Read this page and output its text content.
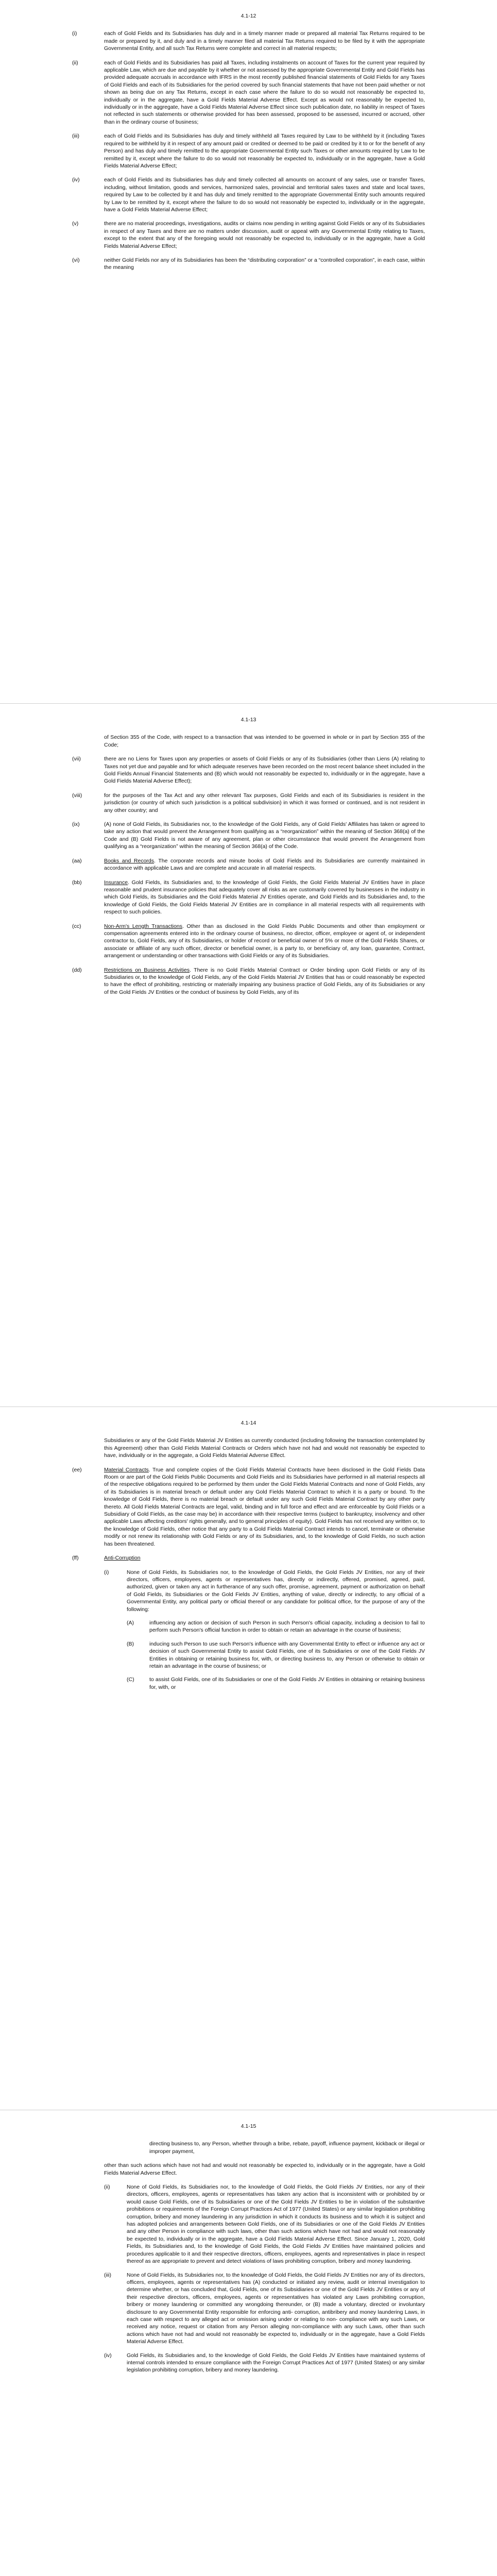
4.1-12
(i)	each of Gold Fields and its Subsidiaries has duly and in a timely manner made or prepared all material Tax Returns required to be made or prepared by it, and duly and in a timely manner filed all material Tax Returns required to be filed by it with the appropriate Governmental Entity, and all such Tax Returns were complete and correct in all material respects;
(ii)	each of Gold Fields and its Subsidiaries has paid all Taxes, including instalments on account of Taxes for the current year required by applicable Law, which are due and payable by it whether or not assessed by the appropriate Governmental Entity and Gold Fields has provided adequate accruals in accordance with IFRS in the most recently published financial statements of Gold Fields for any Taxes of Gold Fields and each of its Subsidiaries for the period covered by such financial statements that have not been paid whether or not shown as being due on any Tax Returns, except in each case where the failure to do so would not reasonably be expected to, individually or in the aggregate, have a Gold Fields Material Adverse Effect. Except as would not reasonably be expected to, individually or in the aggregate, have a Gold Fields Material Adverse Effect since such publication date, no liability in respect of Taxes not reflected in such statements or otherwise provided for has been assessed, proposed to be assessed, incurred or accrued, other than in the ordinary course of business;
(iii)	each of Gold Fields and its Subsidiaries has duly and timely withheld all Taxes required by Law to be withheld by it (including Taxes required to be withheld by it in respect of any amount paid or credited or deemed to be paid or credited by it to or for the benefit of any Person) and has duly and timely remitted to the appropriate Governmental Entity such Taxes or other amounts required by Law to be remitted by it, except where the failure to do so would not reasonably be expected to, individually or in the aggregate, have a Gold Fields Material Adverse Effect;
(iv)	each of Gold Fields and its Subsidiaries has duly and timely collected all amounts on account of any sales, use or transfer Taxes, including, without limitation, goods and services, harmonized sales, provincial and territorial sales taxes and state and local taxes, required by Law to be collected by it and has duly and timely remitted to the appropriate Governmental Entity such amounts required by Law to be remitted by it, except where the failure to do so would not reasonably be expected to, individually or in the aggregate, have a Gold Fields Material Adverse Effect;
(v)	there are no material proceedings, investigations, audits or claims now pending in writing against Gold Fields or any of its Subsidiaries in respect of any Taxes and there are no matters under discussion, audit or appeal with any Governmental Entity relating to Taxes, except to the extent that any of the foregoing would not reasonably be expected to, individually or in the aggregate, have a Gold Fields Material Adverse Effect;
(vi)	neither Gold Fields nor any of its Subsidiaries has been the “distributing corporation” or a “controlled corporation”, in each case, within the meaning
4.1-13
of Section 355 of the Code, with respect to a transaction that was intended to be governed in whole or in part by Section 355 of the Code;
(vii)	there are no Liens for Taxes upon any properties or assets of Gold Fields or any of its Subsidiaries (other than Liens (A) relating to Taxes not yet due and payable and for which adequate reserves have been recorded on the most recent balance sheet included in the Gold Fields Annual Financial Statements and (B) which would not reasonably be expected to, individually or in the aggregate, have a Gold Fields Material Adverse Effect);
(viii)	for the purposes of the Tax Act and any other relevant Tax purposes, Gold Fields and each of its Subsidiaries is resident in the jurisdiction (or country of which such jurisdiction is a political subdivision) in which it was formed or continued, and is not resident in any other country; and
(ix)	(A) none of Gold Fields, its Subsidiaries nor, to the knowledge of the Gold Fields, any of Gold Fields' Affiliates has taken or agreed to take any action that would prevent the Arrangement from qualifying as a “reorganization” within the meaning of Section 368(a) of the Code and (B) Gold Fields is not aware of any agreement, plan or other circumstance that would prevent the Arrangement from qualifying as a “reorganization” within the meaning of Section 368(a) of the Code.
(aa)	Books and Records. The corporate records and minute books of Gold Fields and its Subsidiaries are currently maintained in accordance with applicable Laws and are complete and accurate in all material respects.
(bb)	Insurance. Gold Fields, its Subsidiaries and, to the knowledge of Gold Fields, the Gold Fields Material JV Entities have in place reasonable and prudent insurance policies that adequately cover all risks as are customarily covered by businesses in the industry in which Gold Fields, its Subsidiaries and the Gold Fields Material JV Entities operate, and Gold Fields and its Subsidiaries and, to the knowledge of Gold Fields, the Gold Fields Material JV Entities are in compliance in all material respects with all requirements with respect to such policies.
(cc)	Non-Arm's Length Transactions. Other than as disclosed in the Gold Fields Public Documents and other than employment or compensation agreements entered into in the ordinary course of business, no director, officer, employee or agent of, or independent contractor to, Gold Fields, any of its Subsidiaries, or holder of record or beneficial owner of 5% or more of the Gold Fields Shares, or associate or affiliate of any such officer, director or beneficial owner, is a party to, or beneficiary of, any loan, guarantee, Contract, arrangement or understanding or other transactions with Gold Fields or any of its Subsidiaries.
(dd)	Restrictions on Business Activities. There is no Gold Fields Material Contract or Order binding upon Gold Fields or any of its Subsidiaries or, to the knowledge of Gold Fields, any of the Gold Fields Material JV Entities that has or could reasonably be expected to have the effect of prohibiting, restricting or materially impairing any business practice of Gold Fields, any of its Subsidiaries or any of the Gold Fields JV Entities or the conduct of business by Gold Fields, any of its
4.1-14
Subsidiaries or any of the Gold Fields Material JV Entities as currently conducted (including following the transaction contemplated by this Agreement) other than Gold Fields Material Contracts or Orders which have not had and would not reasonably be expected to have, individually or in the aggregate, a Gold Fields Material Adverse Effect.
(ee)	Material Contracts. True and complete copies of the Gold Fields Material Contracts have been disclosed in the Gold Fields Data Room or are part of the Gold Fields Public Documents and Gold Fields and its Subsidiaries have performed in all material respects all of the respective obligations required to be performed by them under the Gold Fields Material Contracts and none of Gold Fields, any of its Subsidiaries is in material breach or default under any Gold Fields Material Contract to which it is a party or bound. To the knowledge of Gold Fields, there is no material breach or default under any such Gold Fields Material Contract by any other party thereto. All Gold Fields Material Contracts are legal, valid, binding and in full force and effect and are enforceable by Gold Fields or a Subsidiary of Gold Fields, as the case may be) in accordance with their respective terms (subject to bankruptcy, insolvency and other applicable Laws affecting creditors' rights generally, and to general principles of equity). Gold Fields has not received any written or, to the knowledge of Gold Fields, other notice that any party to a Gold Fields Material Contract intends to cancel, terminate or otherwise modify or not renew its relationship with Gold Fields or any of its Subsidiaries, and, to the knowledge of Gold Fields, no such action has been threatened.
(ff)	Anti-Corruption
(i)	None of Gold Fields, its Subsidiaries nor, to the knowledge of Gold Fields, the Gold Fields JV Entities, nor any of their directors, officers, employees, agents or representatives has, directly or indirectly, offered, promised, agreed, paid, authorized, given or taken any act in furtherance of any such offer, promise, agreement, payment or authorization on behalf of Gold Fields, its Subsidiaries or the Gold Fields JV Entities, anything of value, directly or indirectly, to any official of a Governmental Entity, any political party or official thereof or any candidate for political office, for the purpose of any of the following:
(A)	influencing any action or decision of such Person in such Person's official capacity, including a decision to fail to perform such Person's official function in order to obtain or retain an advantage in the course of business;
(B)	inducing such Person to use such Person's influence with any Governmental Entity to effect or influence any act or decision of such Governmental Entity to assist Gold Fields, one of its Subsidiaries or one of the Gold Fields JV Entities in obtaining or retaining business for, with, or directing business to, any Person or otherwise to obtain or retain an advantage in the course of business; or
(C)	to assist Gold Fields, one of its Subsidiaries or one of the Gold Fields JV Entities in obtaining or retaining business for, with, or
4.1-15
directing business to, any Person, whether through a bribe, rebate, payoff, influence payment, kickback or illegal or improper payment,
other than such actions which have not had and would not reasonably be expected to, individually or in the aggregate, have a Gold Fields Material Adverse Effect.
(ii)	None of Gold Fields, its Subsidiaries nor, to the knowledge of Gold Fields, the Gold Fields JV Entities, nor any of their directors, officers, employees, agents or representatives has taken any action that is inconsistent with or prohibited by or would cause Gold Fields, one of its Subsidiaries or one of the Gold Fields JV Entities to be in violation of the substantive prohibitions or requirements of the Foreign Corrupt Practices Act of 1977 (United States) or any similar legislation prohibiting corruption, bribery and money laundering in any jurisdiction in which it conducts its business and to which it is subject and has adopted policies and arrangements between Gold Fields, one of its Subsidiaries or one of the Gold Fields JV Entities and any other Person in compliance with such laws, other than such actions which have not had and would not reasonably be expected to, individually or in the aggregate, have a Gold Fields Material Adverse Effect. Since January 1, 2020, Gold Fields, its Subsidiaries and, to the knowledge of Gold Fields, the Gold Fields JV Entities have maintained policies and procedures applicable to it and their respective directors, officers, employees, agents and representatives in place in respect thereof as are appropriate to prevent and detect violations of laws prohibiting corruption, bribery and money laundering.
(iii)	None of Gold Fields, its Subsidiaries nor, to the knowledge of Gold Fields, the Gold Fields JV Entities nor any of its directors, officers, employees, agents or representatives has (A) conducted or initiated any review, audit or internal investigation to determine whether, or has concluded that, Gold Fields, one of its Subsidiaries or one of the Gold Fields JV Entities or any of their respective directors, officers, employees, agents or representatives has violated any Laws prohibiting corruption, bribery or money laundering or committed any wrongdoing thereunder, or (B) made a voluntary, directed or involuntary disclosure to any Governmental Entity responsible for enforcing anti- corruption, antibribery and money laundering Laws, in each case with respect to any alleged act or omission arising under or relating to non- compliance with any such Laws, or received any notice, request or citation from any Person alleging non-compliance with any such Laws, other than such actions which have not had and would not reasonably be expected to, individually or in the aggregate, have a Gold Fields Material Adverse Effect.
(iv)	Gold Fields, its Subsidiaries and, to the knowledge of Gold Fields, the Gold Fields JV Entities have maintained systems of internal controls intended to ensure compliance with the Foreign Corrupt Practices Act of 1977 (United States) or any similar legislation prohibiting corruption, bribery and money laundering.
